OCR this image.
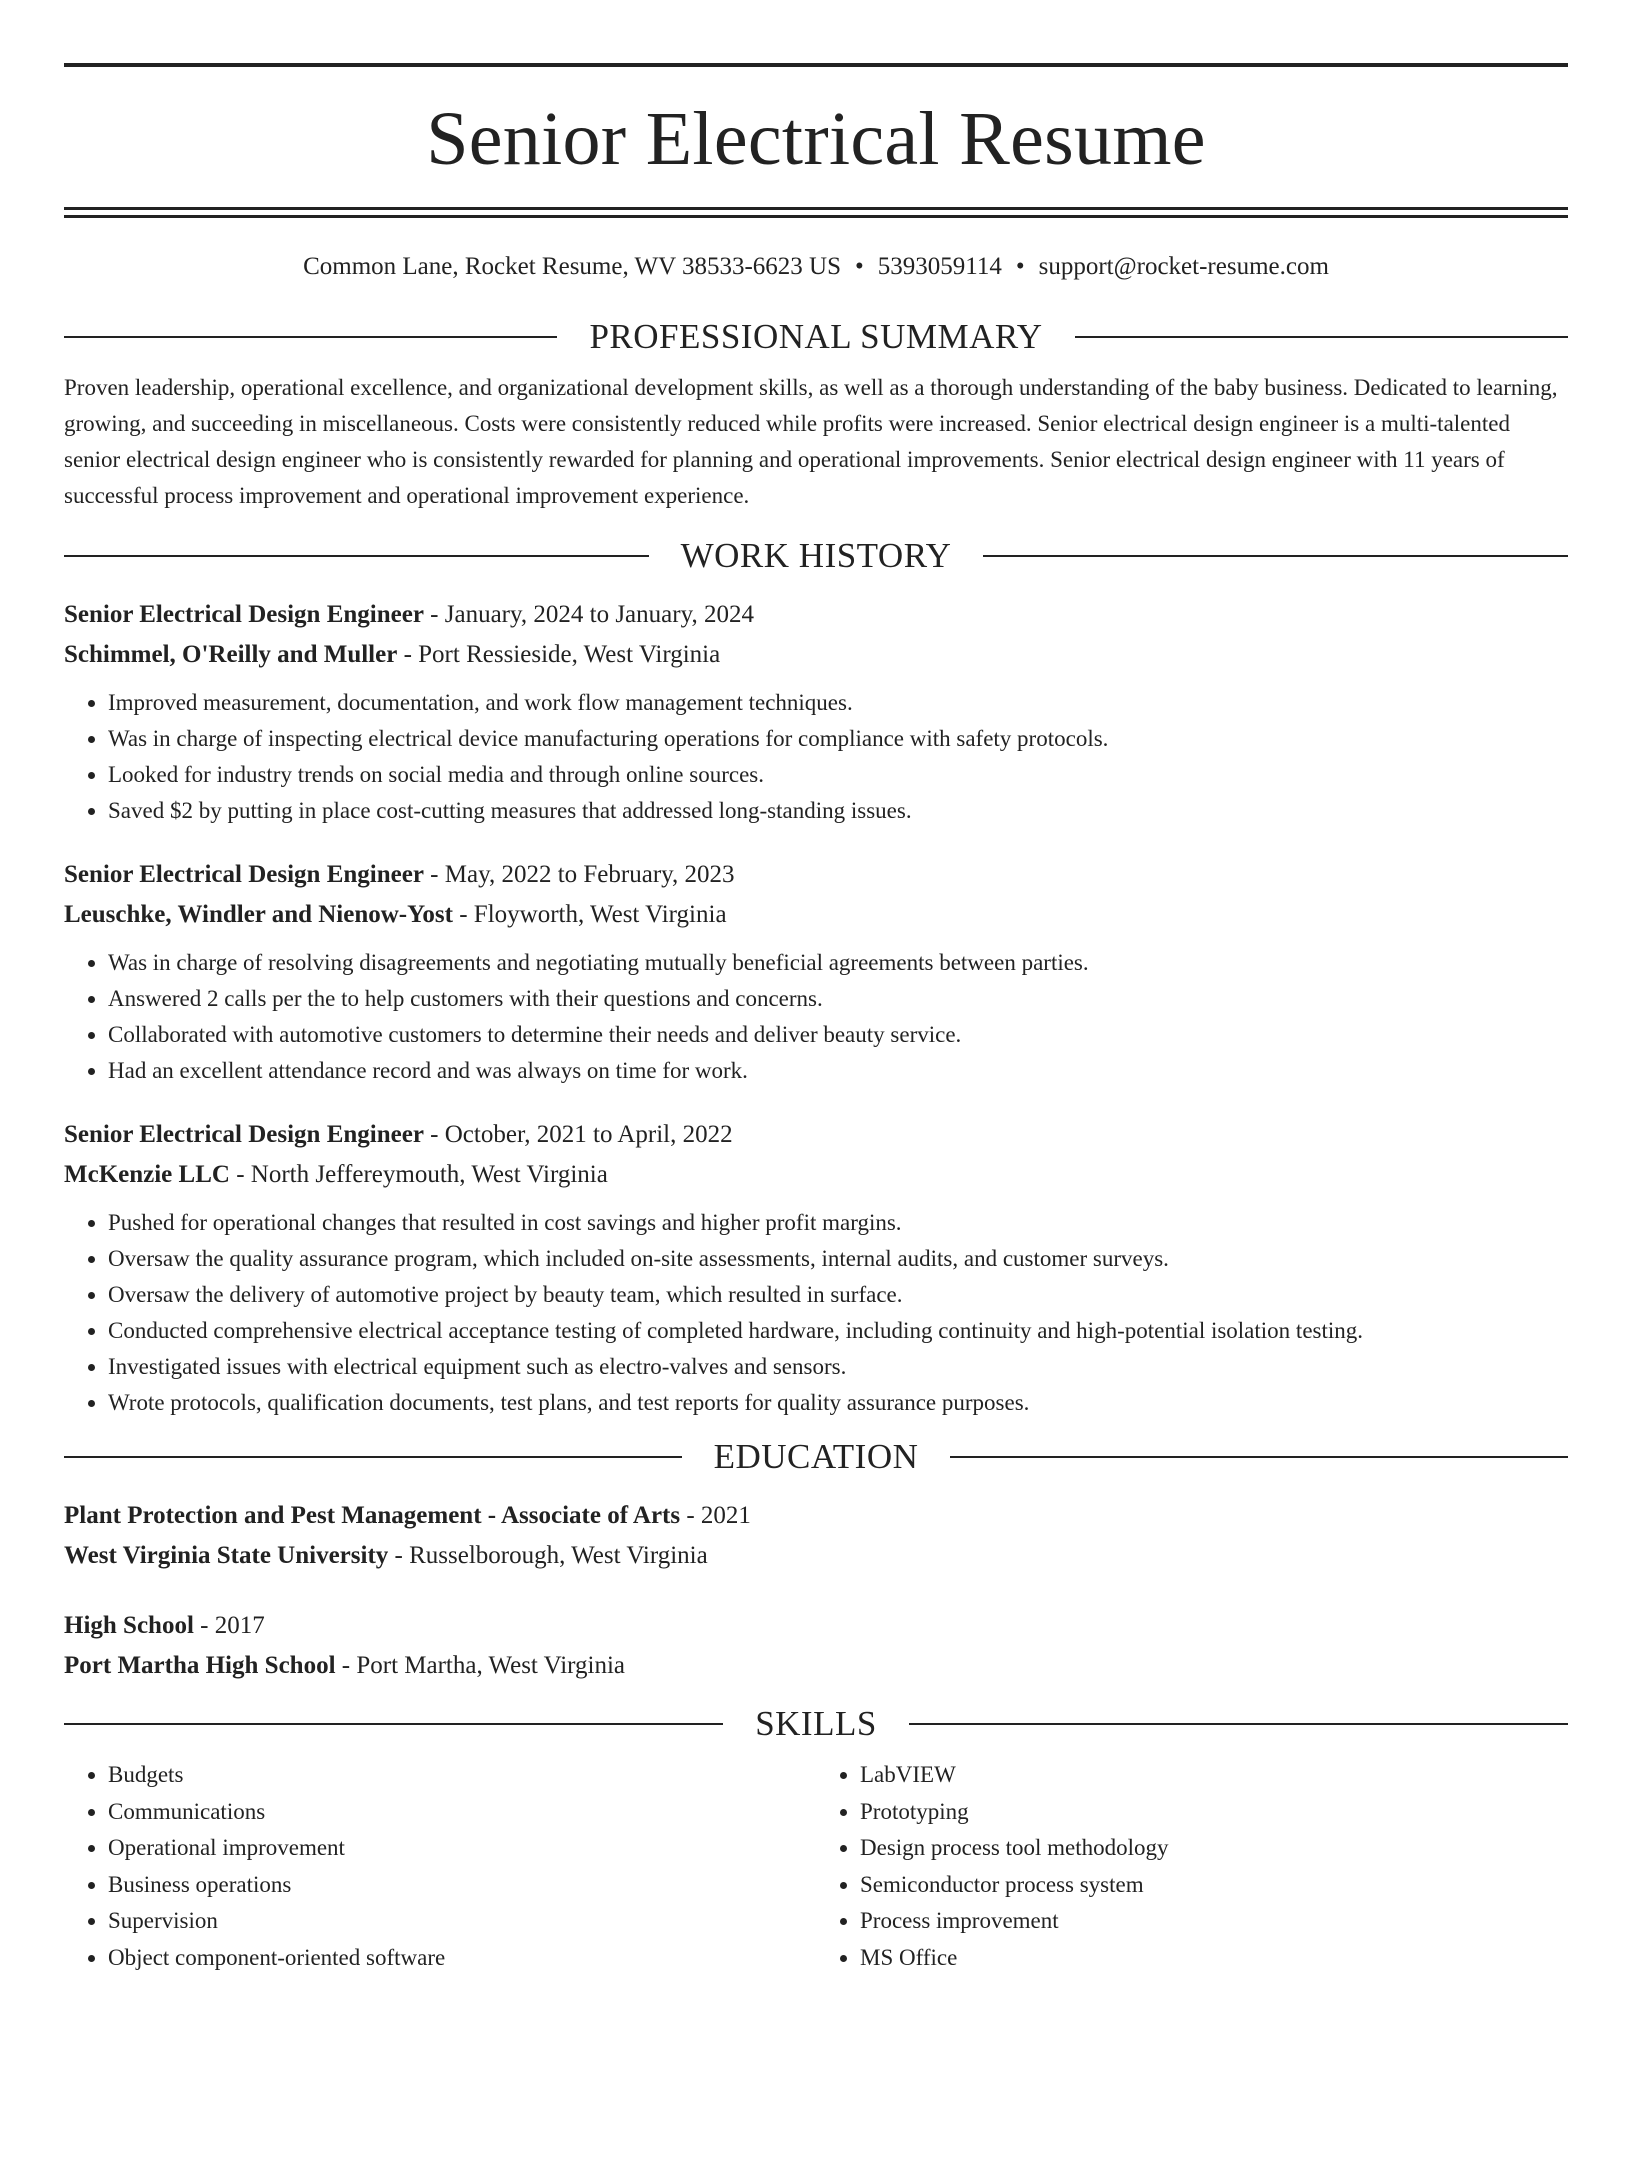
Senior Electrical Resume
Common Lane, Rocket Resume, WV 38533-6623 US • 5393059114 • support@rocket-resume.com
PROFESSIONAL SUMMARY

Proven leadership, operational excellence, and organizational development skills, as well as a thorough understanding of the baby business. Dedicated to learning, growing, and succeeding in miscellaneous. Costs were consistently reduced while profits were increased. Senior electrical design engineer is a multi-talented senior electrical design engineer who is consistently rewarded for planning and operational improvements. Senior electrical design engineer with 11 years of successful process improvement and operational improvement experience.

WORK HISTORY

Senior Electrical Design Engineer - January, 2024 to January, 2024

Schimmel, O'Reilly and Muller - Port Ressieside, West Virginia

• Improved measurement, documentation, and work flow management techniques.
• Was in charge of inspecting electrical device manufacturing operations for compliance with safety protocols.
• Looked for industry trends on social media and through online sources.
• Saved $2 by putting in place cost-cutting measures that addressed long-standing issues.

Senior Electrical Design Engineer - May, 2022 to February, 2023

Leuschke, Windler and Nienow-Yost - Floyworth, West Virginia

• Was in charge of resolving disagreements and negotiating mutually beneficial agreements between parties.
• Answered 2 calls per the to help customers with their questions and concerns.
• Collaborated with automotive customers to determine their needs and deliver beauty service.
• Had an excellent attendance record and was always on time for work.

Senior Electrical Design Engineer - October, 2021 to April, 2022

McKenzie LLC - North Jeffereymouth, West Virginia

• Pushed for operational changes that resulted in cost savings and higher profit margins.
• Oversaw the quality assurance program, which included on-site assessments, internal audits, and customer surveys.
• Oversaw the delivery of automotive project by beauty team, which resulted in surface.
• Conducted comprehensive electrical acceptance testing of completed hardware, including continuity and high-potential isolation testing.
• Investigated issues with electrical equipment such as electro-valves and sensors.
• Wrote protocols, qualification documents, test plans, and test reports for quality assurance purposes.
EDUCATION

Plant Protection and Pest Management - Associate of Arts - 2021

West Virginia State University - Russelborough, West Virginia

High School - 2017

Port Martha High School - Port Martha, West Virginia

SKILLS
• Budgets
• Communications
• Operational improvement
• Business operations
• Supervision
• Object component-oriented software
• LabVIEW
• Prototyping
• Design process tool methodology
• Semiconductor process system
• Process improvement
• MS Office
